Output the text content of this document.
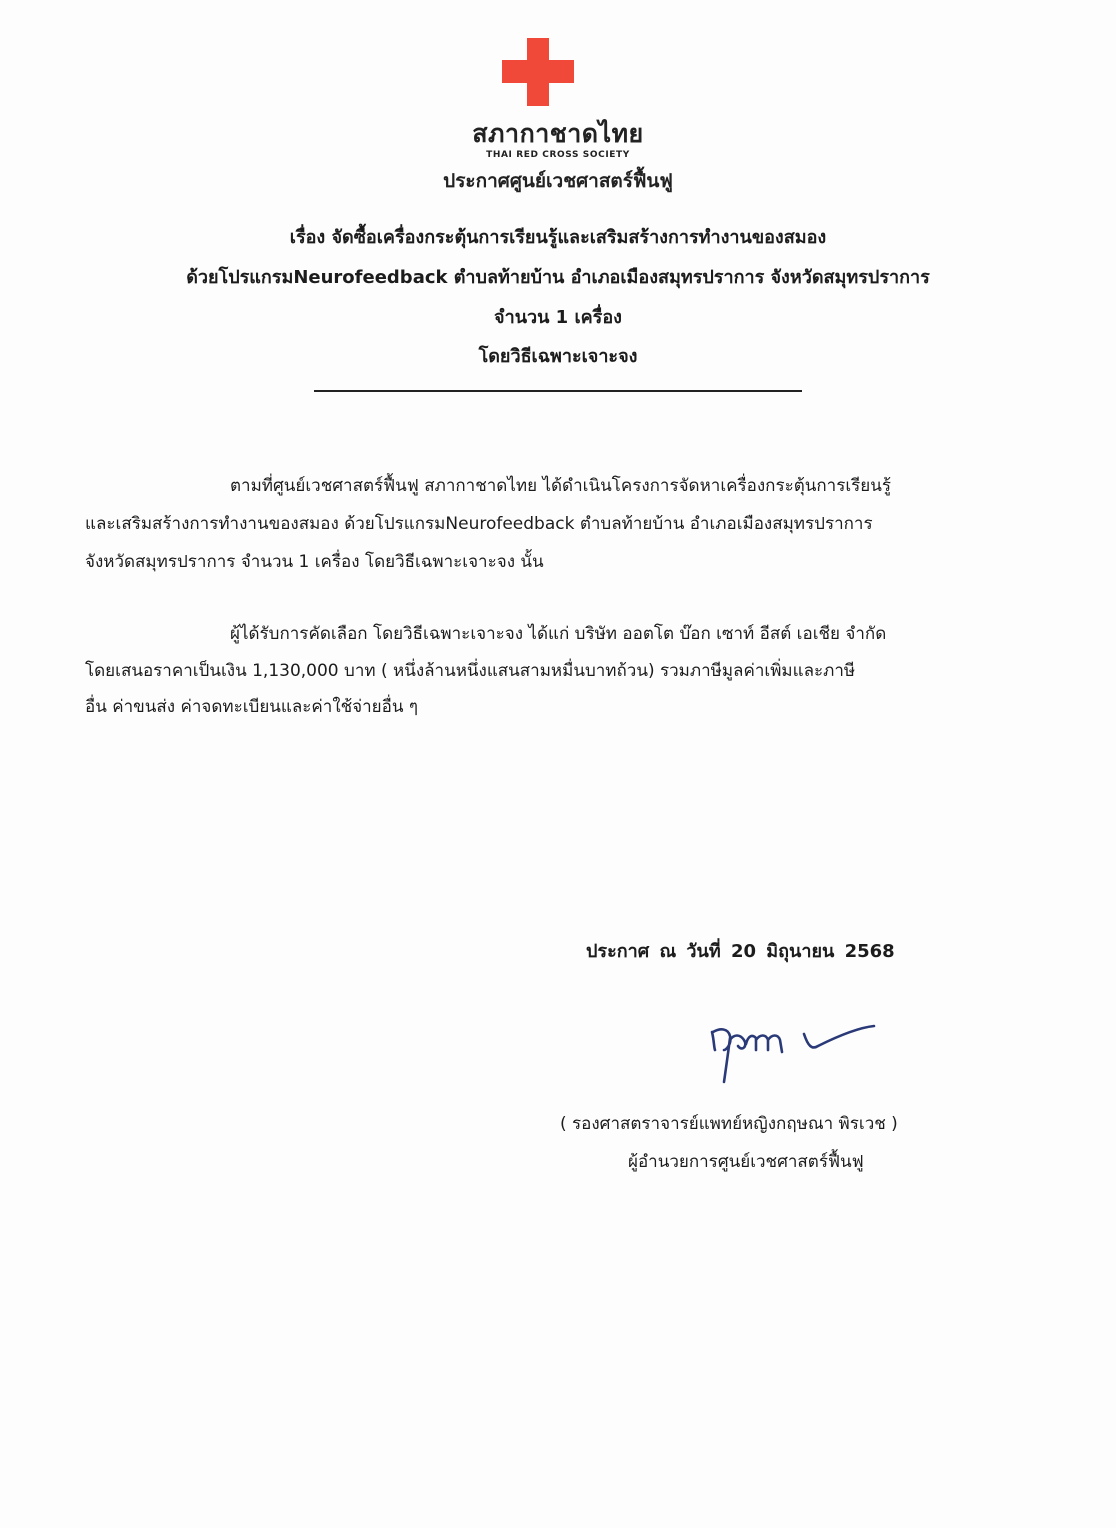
สภากาชาดไทย
THAI RED CROSS SOCIETY
ประกาศศูนย์เวชศาสตร์ฟื้นฟู
เรื่อง จัดซื้อเครื่องกระตุ้นการเรียนรู้และเสริมสร้างการทำงานของสมอง
ด้วยโปรแกรมNeurofeedback ตำบลท้ายบ้าน อำเภอเมืองสมุทรปราการ จังหวัดสมุทรปราการ
จำนวน 1 เครื่อง
โดยวิธีเฉพาะเจาะจง
ตามที่ศูนย์เวชศาสตร์ฟื้นฟู สภากาชาดไทย ได้ดำเนินโครงการจัดหาเครื่องกระตุ้นการเรียนรู้
และเสริมสร้างการทำงานของสมอง ด้วยโปรแกรมNeurofeedback ตำบลท้ายบ้าน อำเภอเมืองสมุทรปราการ
จังหวัดสมุทรปราการ จำนวน 1 เครื่อง โดยวิธีเฉพาะเจาะจง นั้น
ผู้ได้รับการคัดเลือก โดยวิธีเฉพาะเจาะจง ได้แก่ บริษัท ออตโต บ๊อก เซาท์ อีสต์ เอเชีย จำกัด
โดยเสนอราคาเป็นเงิน 1,130,000 บาท ( หนึ่งล้านหนึ่งแสนสามหมื่นบาทถ้วน) รวมภาษีมูลค่าเพิ่มและภาษี
อื่น ค่าขนส่ง ค่าจดทะเบียนและค่าใช้จ่ายอื่น ๆ
ประกาศ ณ วันที่ 20 มิถุนายน 2568
( รองศาสตราจารย์แพทย์หญิงกฤษณา พิรเวช )
ผู้อำนวยการศูนย์เวชศาสตร์ฟื้นฟู
